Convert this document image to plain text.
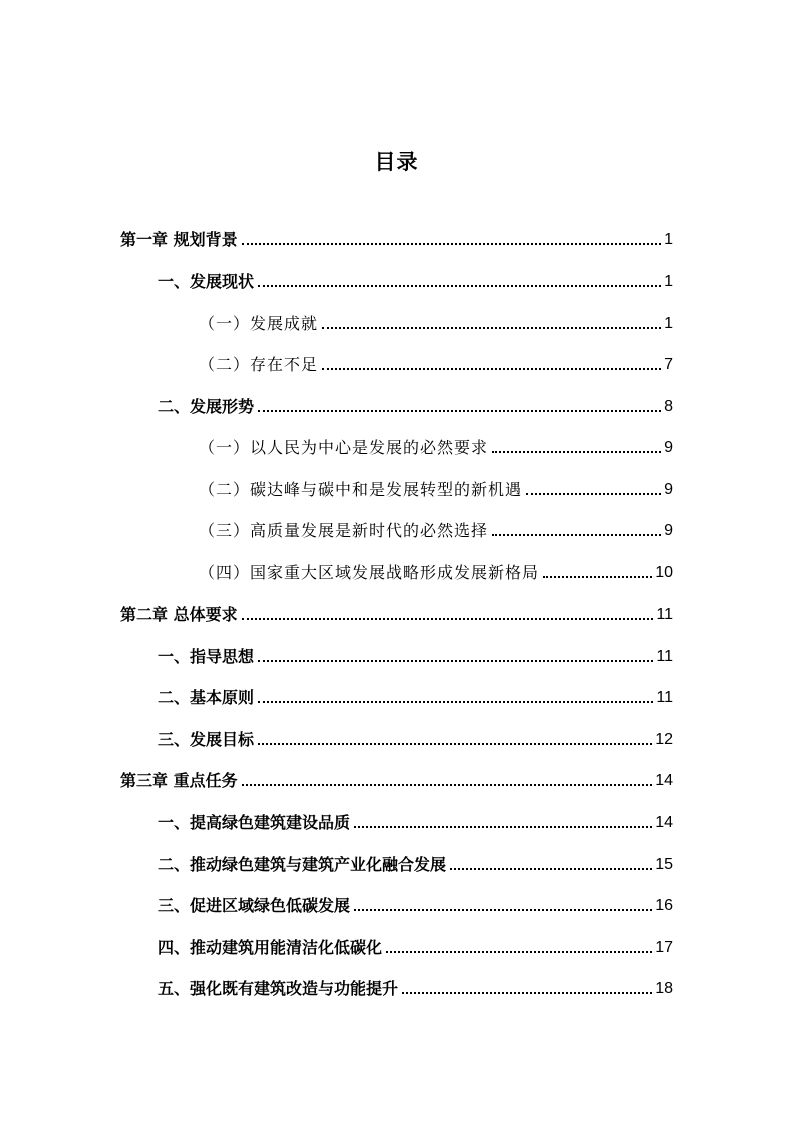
目录
第一章 规划背景	1
一、发展现状	1
（一）发展成就	1
（二）存在不足	7
二、发展形势	8
（一）以人民为中心是发展的必然要求	9
（二）碳达峰与碳中和是发展转型的新机遇	9
（三）高质量发展是新时代的必然选择	9
（四）国家重大区域发展战略形成发展新格局	10
第二章 总体要求	11
一、指导思想	11
二、基本原则	11
三、发展目标	12
第三章 重点任务	14
一、提高绿色建筑建设品质	14
二、推动绿色建筑与建筑产业化融合发展	15
三、促进区域绿色低碳发展	16
四、推动建筑用能清洁化低碳化	17
五、强化既有建筑改造与功能提升	18
